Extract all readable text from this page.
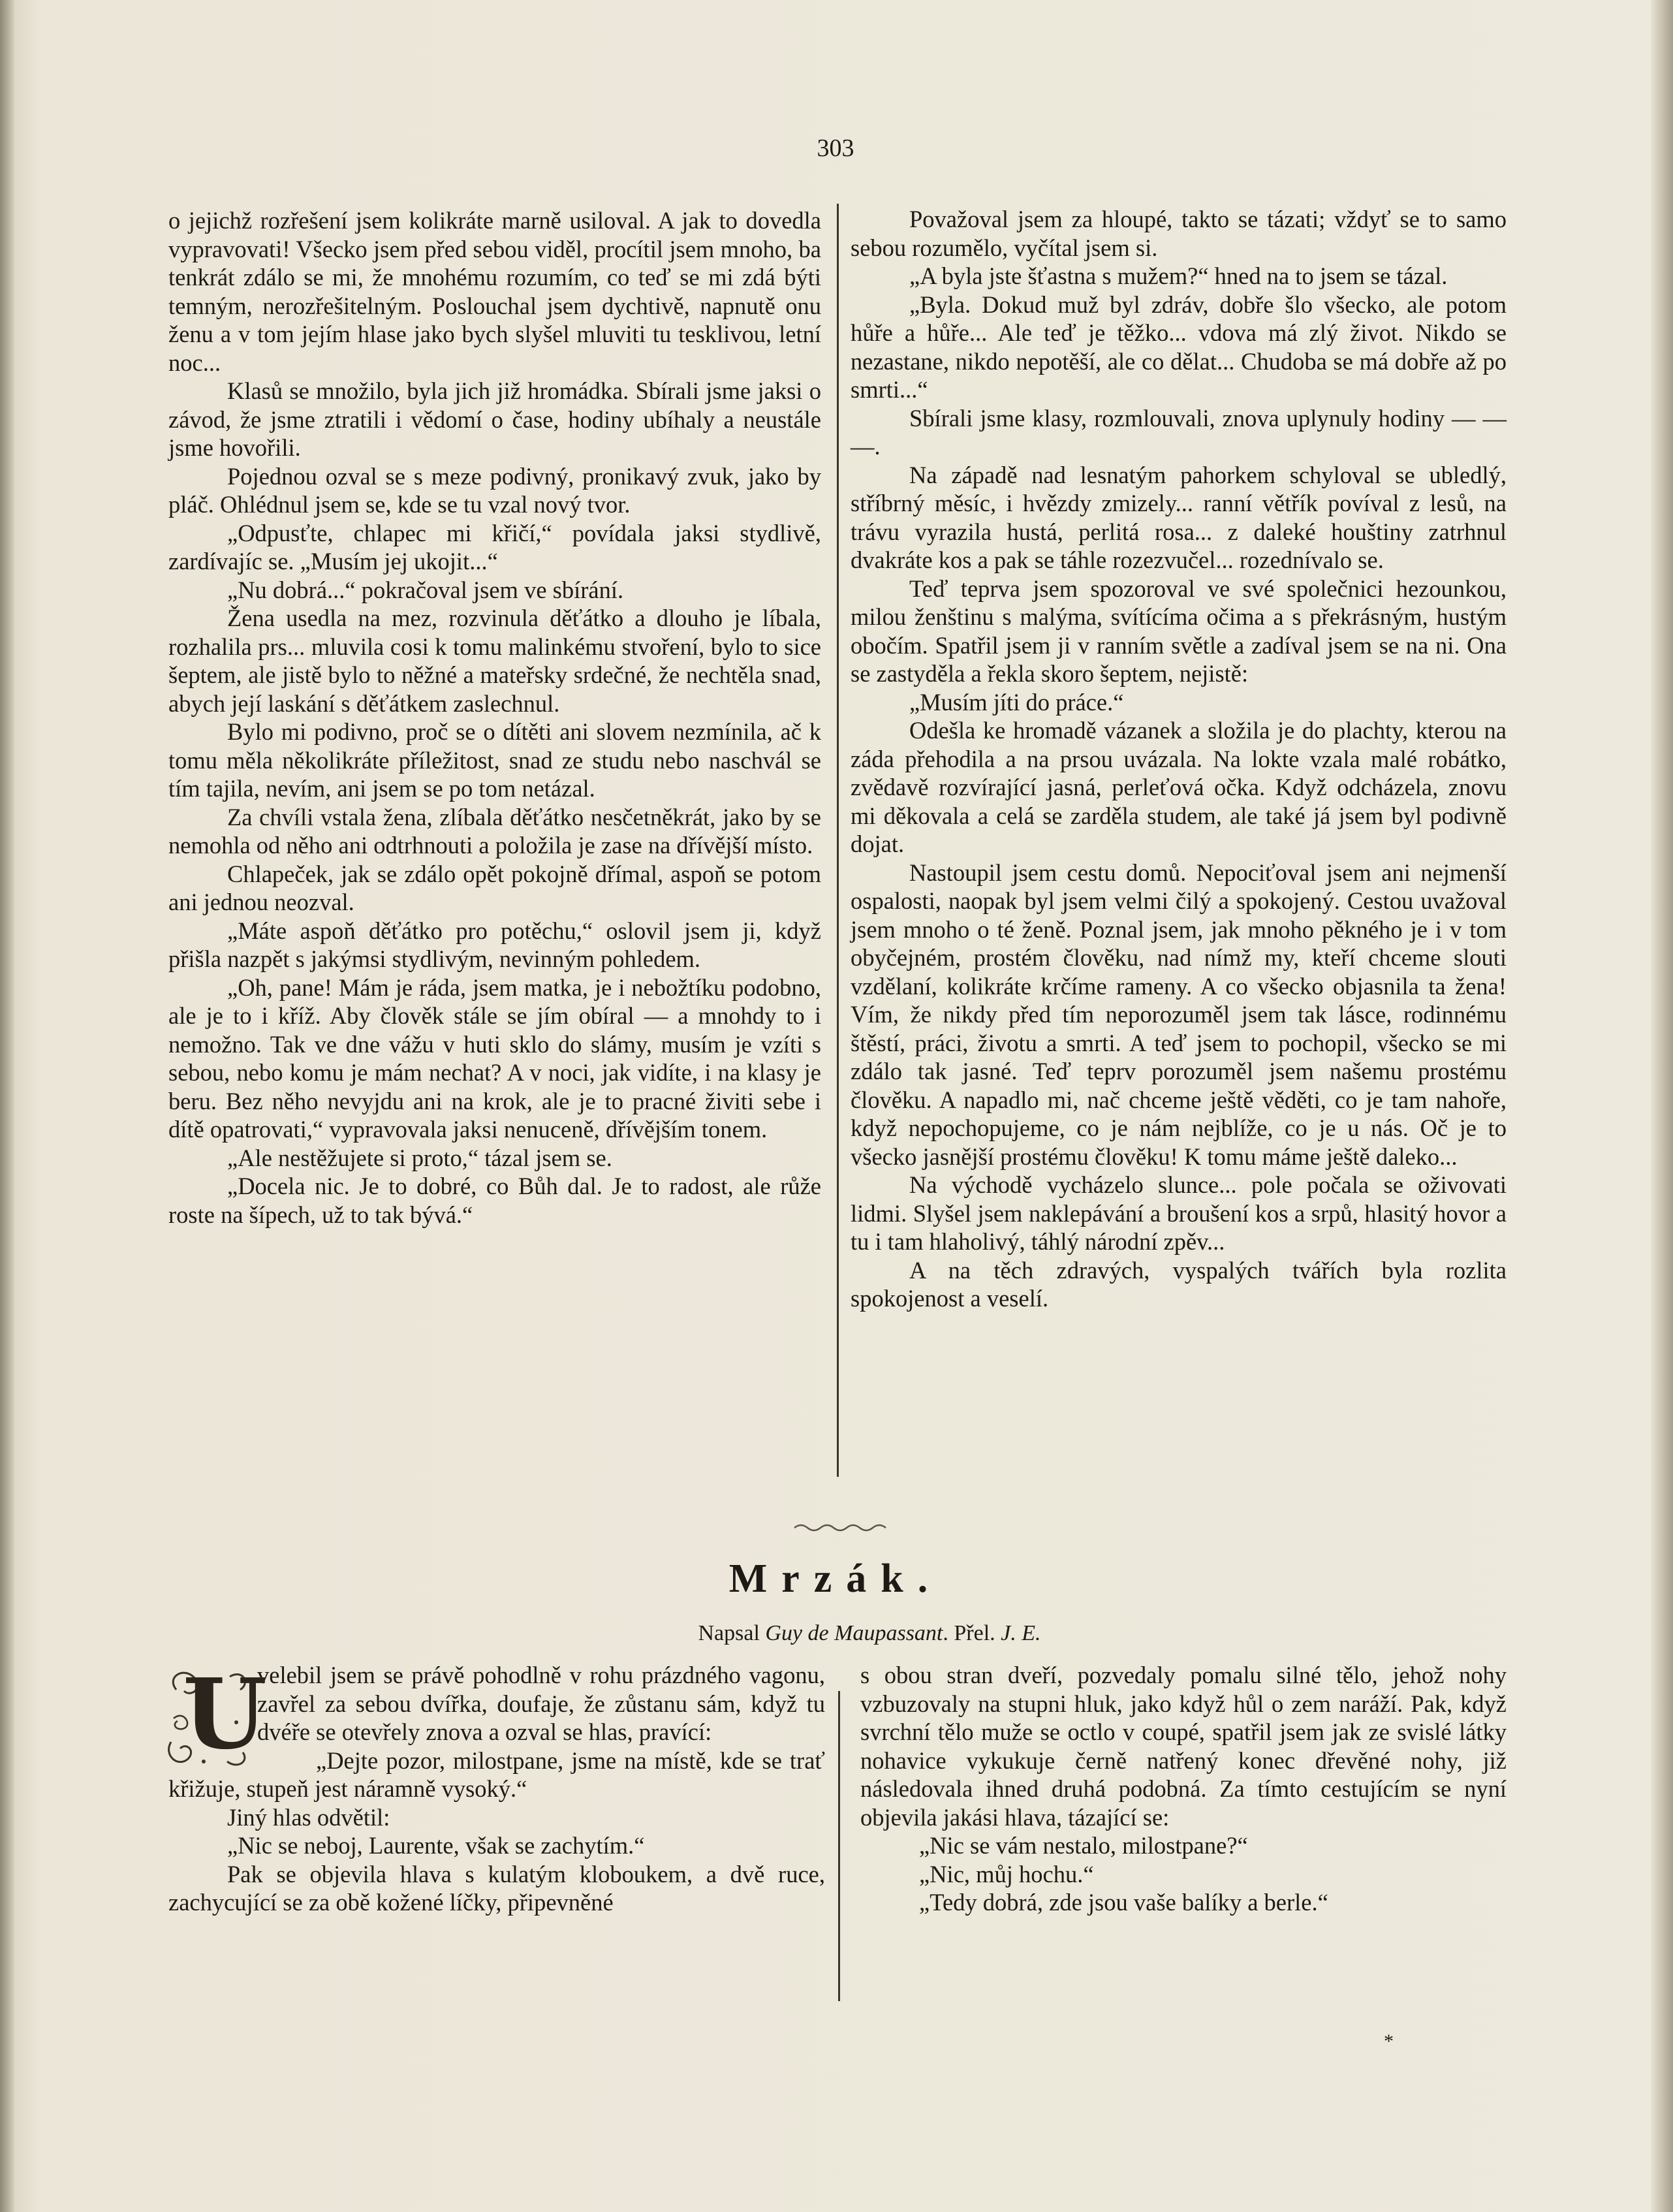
303

o jejichž rozřešení jsem kolikráte marně usiloval. A jak to dovedla vypravovati! Všecko jsem před sebou viděl, procítil jsem mnoho, ba tenkrát zdálo se mi, že mnohému rozumím, co teď se mi zdá býti temným, nerozřešitelným. Poslouchal jsem dychtivě, napnutě onu ženu a v tom jejím hlase jako bych slyšel mluviti tu tesklivou, letní noc...

Klasů se množilo, byla jich již hromádka. Sbírali jsme jaksi o závod, že jsme ztratili i vědomí o čase, hodiny ubíhaly a neustále jsme hovořili.

Pojednou ozval se s meze podivný, pronikavý zvuk, jako by pláč. Ohlédnul jsem se, kde se tu vzal nový tvor.

„Odpusťte, chlapec mi křičí,“ povídala jaksi stydlivě, zardívajíc se. „Musím jej ukojit...“

„Nu dobrá...“ pokračoval jsem ve sbírání.

Žena usedla na mez, rozvinula děťátko a dlouho je líbala, rozhalila prs... mluvila cosi k tomu malinkému stvoření, bylo to sice šeptem, ale jistě bylo to něžné a mateřsky srdečné, že nechtěla snad, abych její laskání s děťátkem zaslechnul.

Bylo mi podivno, proč se o dítěti ani slovem nezmínila, ač k tomu měla několikráte příležitost, snad ze studu nebo naschvál se tím tajila, nevím, ani jsem se po tom netázal.

Za chvíli vstala žena, zlíbala děťátko nesčetněkrát, jako by se nemohla od něho ani odtrhnouti a položila je zase na dřívější místo.

Chlapeček, jak se zdálo opět pokojně dřímal, aspoň se potom ani jednou neozval.

„Máte aspoň děťátko pro potěchu,“ oslovil jsem ji, když přišla nazpět s jakýmsi stydlivým, nevinným pohledem.

„Oh, pane! Mám je ráda, jsem matka, je i nebožtíku podobno, ale je to i kříž. Aby člověk stále se jím obíral — a mnohdy to i nemožno. Tak ve dne vážu v huti sklo do slámy, musím je vzíti s sebou, nebo komu je mám nechat? A v noci, jak vidíte, i na klasy je beru. Bez něho nevyjdu ani na krok, ale je to pracné živiti sebe i dítě opatrovati,“ vypravovala jaksi nenuceně, dřívějším tonem.

„Ale nestěžujete si proto,“ tázal jsem se.

„Docela nic. Je to dobré, co Bůh dal. Je to radost, ale růže roste na šípech, už to tak bývá.“

Považoval jsem za hloupé, takto se tázati; vždyť se to samo sebou rozumělo, vyčítal jsem si.

„A byla jste šťastna s mužem?“ hned na to jsem se tázal.

„Byla. Dokud muž byl zdráv, dobře šlo všecko, ale potom hůře a hůře... Ale teď je těžko... vdova má zlý život. Nikdo se nezastane, nikdo nepotěší, ale co dělat... Chudoba se má dobře až po smrti...“

Sbírali jsme klasy, rozmlouvali, znova uplynuly hodiny — — —.

Na západě nad lesnatým pahorkem schyloval se ubledlý, stříbrný měsíc, i hvězdy zmizely... ranní větřík povíval z lesů, na trávu vyrazila hustá, perlitá rosa... z daleké houštiny zatrhnul dvakráte kos a pak se táhle rozezvučel... rozednívalo se.

Teď teprva jsem spozoroval ve své společnici hezounkou, milou ženštinu s malýma, svítícíma očima a s překrásným, hustým obočím. Spatřil jsem ji v ranním světle a zadíval jsem se na ni. Ona se zastyděla a řekla skoro šeptem, nejistě:

„Musím jíti do práce.“

Odešla ke hromadě vázanek a složila je do plachty, kterou na záda přehodila a na prsou uvázala. Na lokte vzala malé robátko, zvědavě rozvírající jasná, perleťová očka. Když odcházela, znovu mi děkovala a celá se zarděla studem, ale také já jsem byl podivně dojat.

Nastoupil jsem cestu domů. Nepociťoval jsem ani nejmenší ospalosti, naopak byl jsem velmi čilý a spokojený. Cestou uvažoval jsem mnoho o té ženě. Poznal jsem, jak mnoho pěkného je i v tom obyčejném, prostém člověku, nad nímž my, kteří chceme slouti vzdělaní, kolikráte krčíme rameny. A co všecko objasnila ta žena! Vím, že nikdy před tím neporozuměl jsem tak lásce, rodinnému štěstí, práci, životu a smrti. A teď jsem to pochopil, všecko se mi zdálo tak jasné. Teď teprv porozuměl jsem našemu prostému člověku. A napadlo mi, nač chceme ještě věděti, co je tam nahoře, když nepochopujeme, co je nám nejblíže, co je u nás. Oč je to všecko jasnější prostému člověku! K tomu máme ještě daleko...

Na východě vycházelo slunce... pole počala se oživovati lidmi. Slyšel jsem naklepávání a broušení kos a srpů, hlasitý hovor a tu i tam hlaholivý, táhlý národní zpěv...

A na těch zdravých, vyspalých tvářích byla rozlita spokojenost a veselí.

Mrzák.
Napsal Guy de Maupassant. Přel. J. E.

U
velebil jsem se právě pohodlně v rohu prázdného vagonu, zavřel za sebou dvířka, doufaje, že zůstanu sám, když tu dvéře se otevřely znova a ozval se hlas, pravící:

„Dejte pozor, milostpane, jsme na místě, kde se trať křižuje, stupeň jest náramně vysoký.“

Jiný hlas odvětil:

„Nic se neboj, Laurente, však se zachytím.“

Pak se objevila hlava s kulatým kloboukem, a dvě ruce, zachycující se za obě kožené líčky, připevněné

s obou stran dveří, pozvedaly pomalu silné tělo, jehož nohy vzbuzovaly na stupni hluk, jako když hůl o zem naráží. Pak, když svrchní tělo muže se octlo v coupé, spatřil jsem jak ze svislé látky nohavice vykukuje černě natřený konec dřevěné nohy, již následovala ihned druhá podobná. Za tímto cestujícím se nyní objevila jakási hlava, tázající se:

„Nic se vám nestalo, milostpane?“

„Nic, můj hochu.“

„Tedy dobrá, zde jsou vaše balíky a berle.“

*
